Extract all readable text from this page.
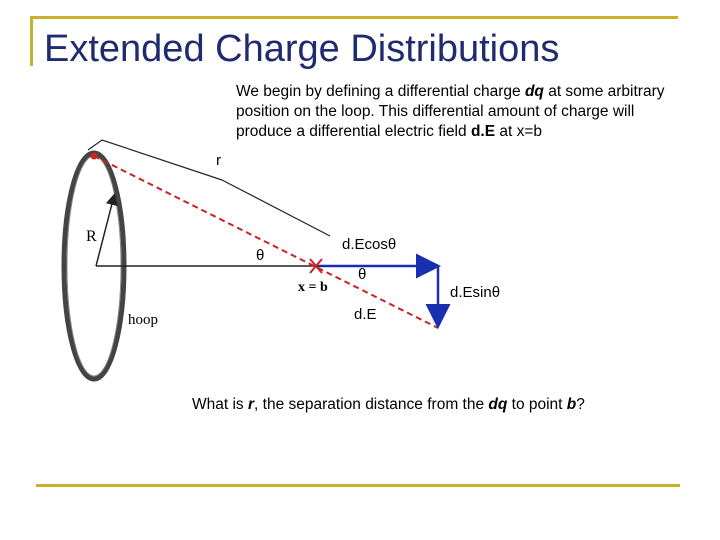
Extended Charge Distributions
We begin by defining a differential charge dq at some arbitrary position on the loop. This differential amount of charge will produce a differential electric field d.E at x=b
r
R
x = b
hoop
θ
θ
d.Ecosθ
d.Esinθ
d.E
What is r, the separation distance from the dq to point b?
